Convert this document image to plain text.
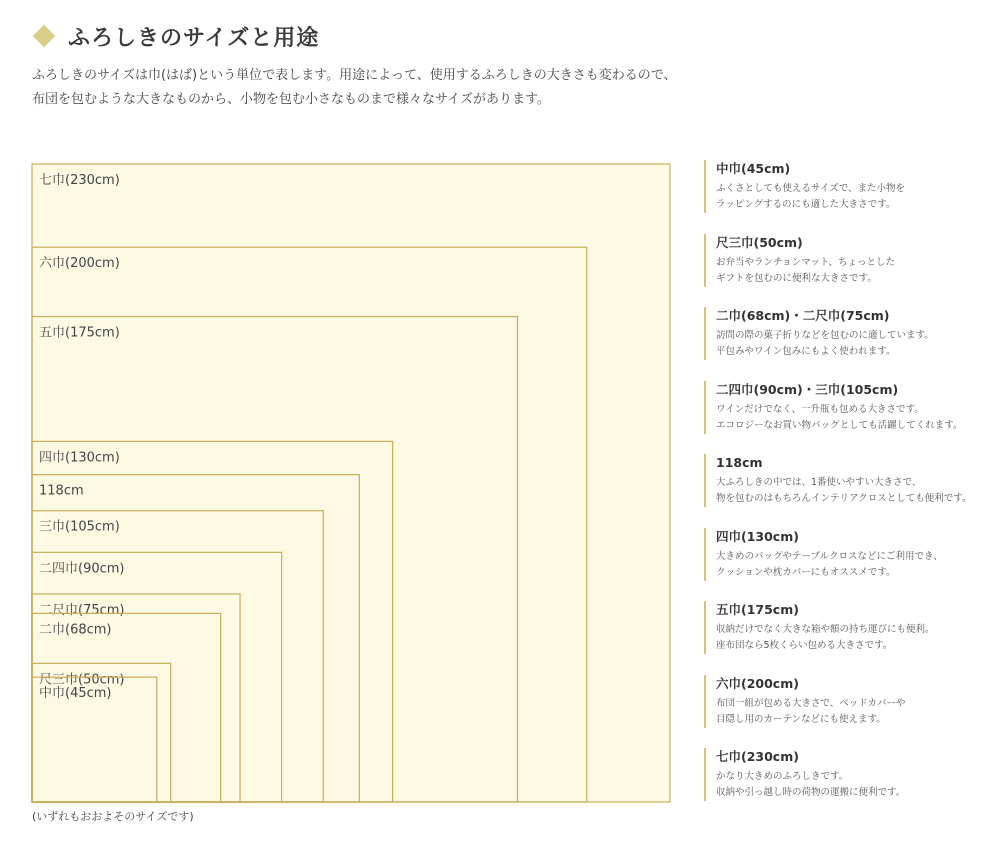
ふろしきのサイズと用途

ふろしきのサイズは巾(はば)という単位で表します。用途によって、使用するふろしきの大きさも変わるので、

布団を包むような大きなものから、小物を包む小さなものまで様々なサイズがあります。

七巾(230cm)
六巾(200cm)
五巾(175cm)
四巾(130cm)
118cm
三巾(105cm)
二四巾(90cm)
二尺巾(75cm)
二巾(68cm)
尺三巾(50cm)
中巾(45cm)
(いずれもおおよそのサイズです)
中巾(45cm)
ふくさとしても使えるサイズで、また小物を
ラッピングするのにも適した大きさです。
尺三巾(50cm)
お弁当やランチョンマット、ちょっとした
ギフトを包むのに便利な大きさです。
二巾(68cm)・二尺巾(75cm)
訪問の際の菓子折りなどを包むのに適しています。
平包みやワイン包みにもよく使われます。
二四巾(90cm)・三巾(105cm)
ワインだけでなく、一升瓶も包める大きさです。
エコロジーなお買い物バッグとしても活躍してくれます。
118cm
大ふろしきの中では、1番使いやすい大きさで、
物を包むのはもちろんインテリアクロスとしても便利です。
四巾(130cm)
大きめのバッグやテーブルクロスなどにご利用でき、
クッションや枕カバーにもオススメです。
五巾(175cm)
収納だけでなく大きな箱や額の持ち運びにも便利。
座布団なら5枚くらい包める大きさです。
六巾(200cm)
布団一組が包める大きさで、ベッドカバーや
目隠し用のカーテンなどにも使えます。
七巾(230cm)
かなり大きめのふろしきです。
収納や引っ越し時の荷物の運搬に便利です。
